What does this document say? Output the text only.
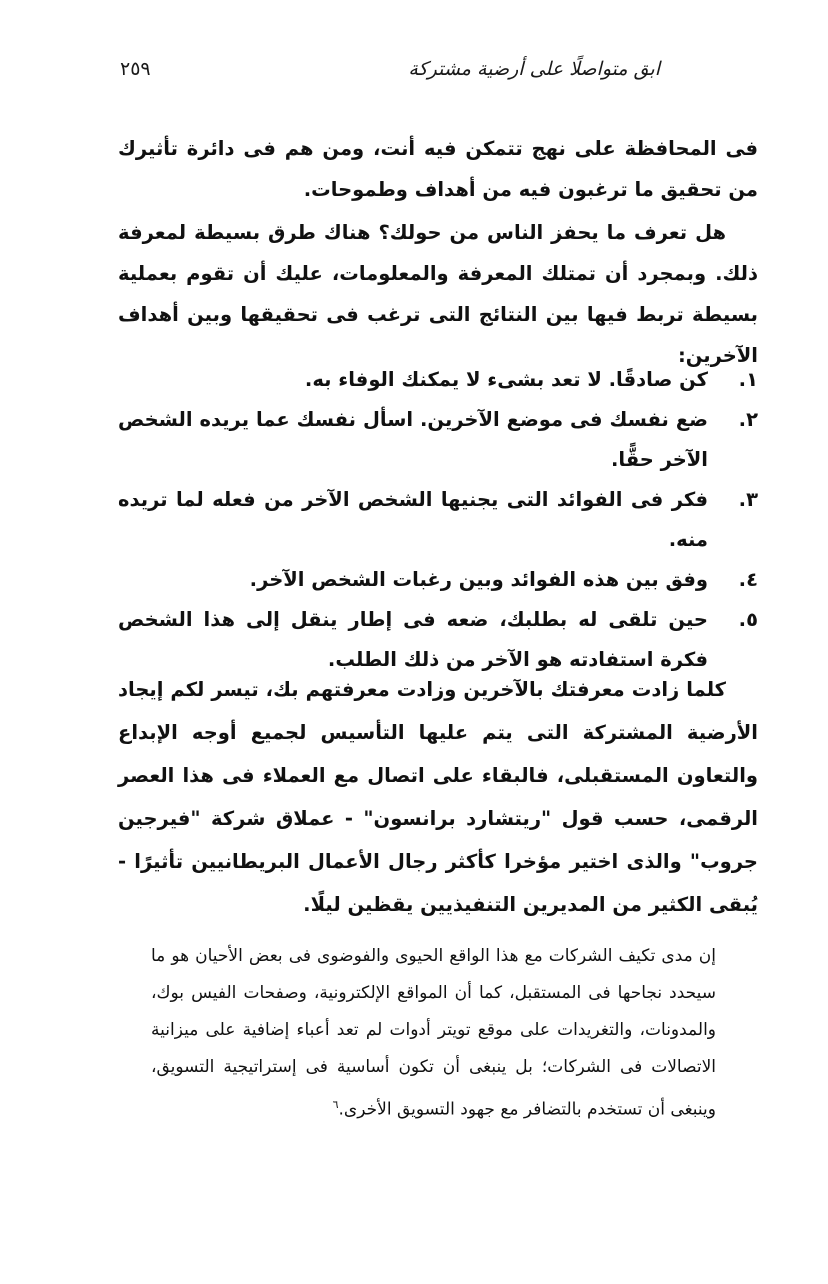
ابق متواصلًا على أرضية مشتركة
٢٥٩

فى المحافظة على نهج تتمكن فيه أنت، ومن هم فى دائرة تأثيرك من تحقيق ما ترغبون فيه من أهداف وطموحات.

هل تعرف ما يحفز الناس من حولك؟ هناك طرق بسيطة لمعرفة ذلك. وبمجرد أن تمتلك المعرفة والمعلومات، عليك أن تقوم بعملية بسيطة تربط فيها بين النتائج التى ترغب فى تحقيقها وبين أهداف الآخرين:

١.
كن صادقًا. لا تعد بشىء لا يمكنك الوفاء به.
٢.
ضع نفسك فى موضع الآخرين. اسأل نفسك عما يريده الشخص الآخر حقًّا.
٣.
فكر فى الفوائد التى يجنيها الشخص الآخر من فعله لما تريده منه.
٤.
وفق بين هذه الفوائد وبين رغبات الشخص الآخر.
٥.
حين تلقى له بطلبك، ضعه فى إطار ينقل إلى هذا الشخص فكرة استفادته هو الآخر من ذلك الطلب.

كلما زادت معرفتك بالآخرين وزادت معرفتهم بك، تيسر لكم إيجاد الأرضية المشتركة التى يتم عليها التأسيس لجميع أوجه الإبداع والتعاون المستقبلى، فالبقاء على اتصال مع العملاء فى هذا العصر الرقمى، حسب قول "ريتشارد برانسون" - عملاق شركة "فيرجين جروب" والذى اختير مؤخرا كأكثر رجال الأعمال البريطانيين تأثيرًا - يُبقى الكثير من المديرين التنفيذيين يقظين ليلًا.

إن مدى تكيف الشركات مع هذا الواقع الحيوى والفوضوى فى بعض الأحيان هو ما سيحدد نجاحها فى المستقبل، كما أن المواقع الإلكترونية، وصفحات الفيس بوك، والمدونات، والتغريدات على موقع تويتر أدوات لم تعد أعباء إضافية على ميزانية الاتصالات فى الشركات؛ بل ينبغى أن تكون أساسية فى إستراتيجية التسويق، وينبغى أن تستخدم بالتضافر مع جهود التسويق الأخرى.$^٦$
